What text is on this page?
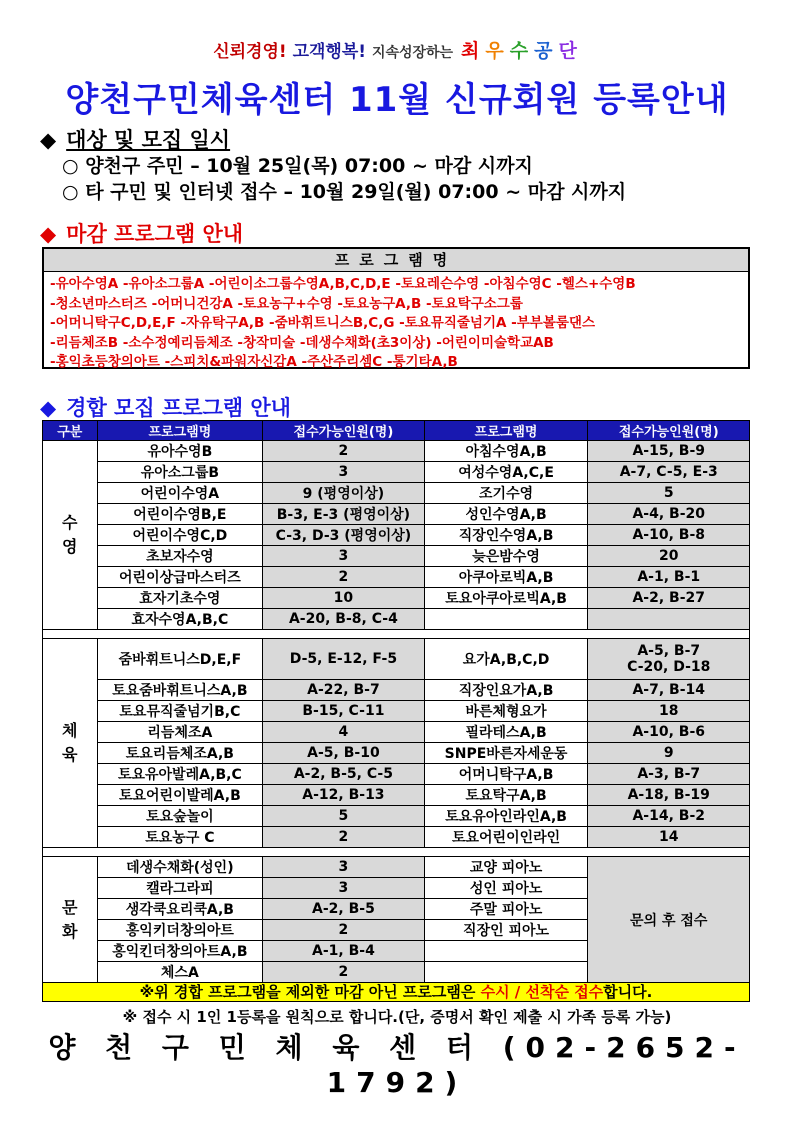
신뢰경영! 고객행복! 지속성장하는 최 우 수 공 단
양천구민체육센터 11월 신규회원 등록안내
◆ 대상 및 모집 일시
○ 양천구 주민 – 10월 25일(목) 07:00 ~ 마감 시까지
○ 타 구민 및 인터넷 접수 – 10월 29일(월) 07:00 ~ 마감 시까지
◆ 마감 프로그램 안내
프로그램명
-유아수영A -유아소그룹A -어린이소그룹수영A,B,C,D,E -토요레슨수영 -아침수영C -헬스+수영B
-청소년마스터즈 -어머니건강A -토요농구+수영 -토요농구A,B -토요탁구소그룹
-어머니탁구C,D,E,F -자유탁구A,B -줌바휘트니스B,C,G -토요뮤직줄넘기A -부부볼룸댄스
-리듬체조B -소수정예리듬체조 -창작미술 -데생수채화(초3이상) -어린이미술학교AB
-홍익초등창의아트 -스피치&파워자신감A -주산주리셈C -통기타A,B
◆ 경합 모집 프로그램 안내
구분	프로그램명	접수가능인원(명)	프로그램명	접수가능인원(명)
수
영	유아수영B	2	아침수영A,B	A-15, B-9
	유아소그룹B	3	여성수영A,C,E	A-7, C-5, E-3
	어린이수영A	9 (평영이상)	조기수영	5
	어린이수영B,E	B-3, E-3 (평영이상)	성인수영A,B	A-4, B-20
	어린이수영C,D	C-3, D-3 (평영이상)	직장인수영A,B	A-10, B-8
	초보자수영	3	늦은밤수영	20
	어린이상급마스터즈	2	아쿠아로빅A,B	A-1, B-1
	효자기초수영	10	토요아쿠아로빅A,B	A-2, B-27
	효자수영A,B,C	A-20, B-8, C-4		

체
육	줌바휘트니스D,E,F	D-5, E-12, F-5	요가A,B,C,D	A-5, B-7
C-20, D-18
	토요줌바휘트니스A,B	A-22, B-7	직장인요가A,B	A-7, B-14
	토요뮤직줄넘기B,C	B-15, C-11	바른체형요가	18
	리듬체조A	4	필라테스A,B	A-10, B-6
	토요리듬체조A,B	A-5, B-10	SNPE바른자세운동	9
	토요유아발레A,B,C	A-2, B-5, C-5	어머니탁구A,B	A-3, B-7
	토요어린이발레A,B	A-12, B-13	토요탁구A,B	A-18, B-19
	토요숲놀이	5	토요유아인라인A,B	A-14, B-2
	토요농구 C	2	토요어린이인라인	14

문
화	데생수채화(성인)	3	교양 피아노	문의 후 접수
	캘라그라피	3	성인 피아노	
	생각쿡요리쿡A,B	A-2, B-5	주말 피아노	
	홍익키더창의아트	2	직장인 피아노	
	홍익킨더창의아트A,B	A-1, B-4		
	체스A	2		
※위 경합 프로그램을 제외한 마감 아닌 프로그램은 수시 / 선착순 접수합니다.
※ 접수 시 1인 1등록을 원칙으로 합니다.(단, 증명서 확인 제출 시 가족 등록 가능)
양 천 구 민 체 육 센 터 (02-2652-1792)
